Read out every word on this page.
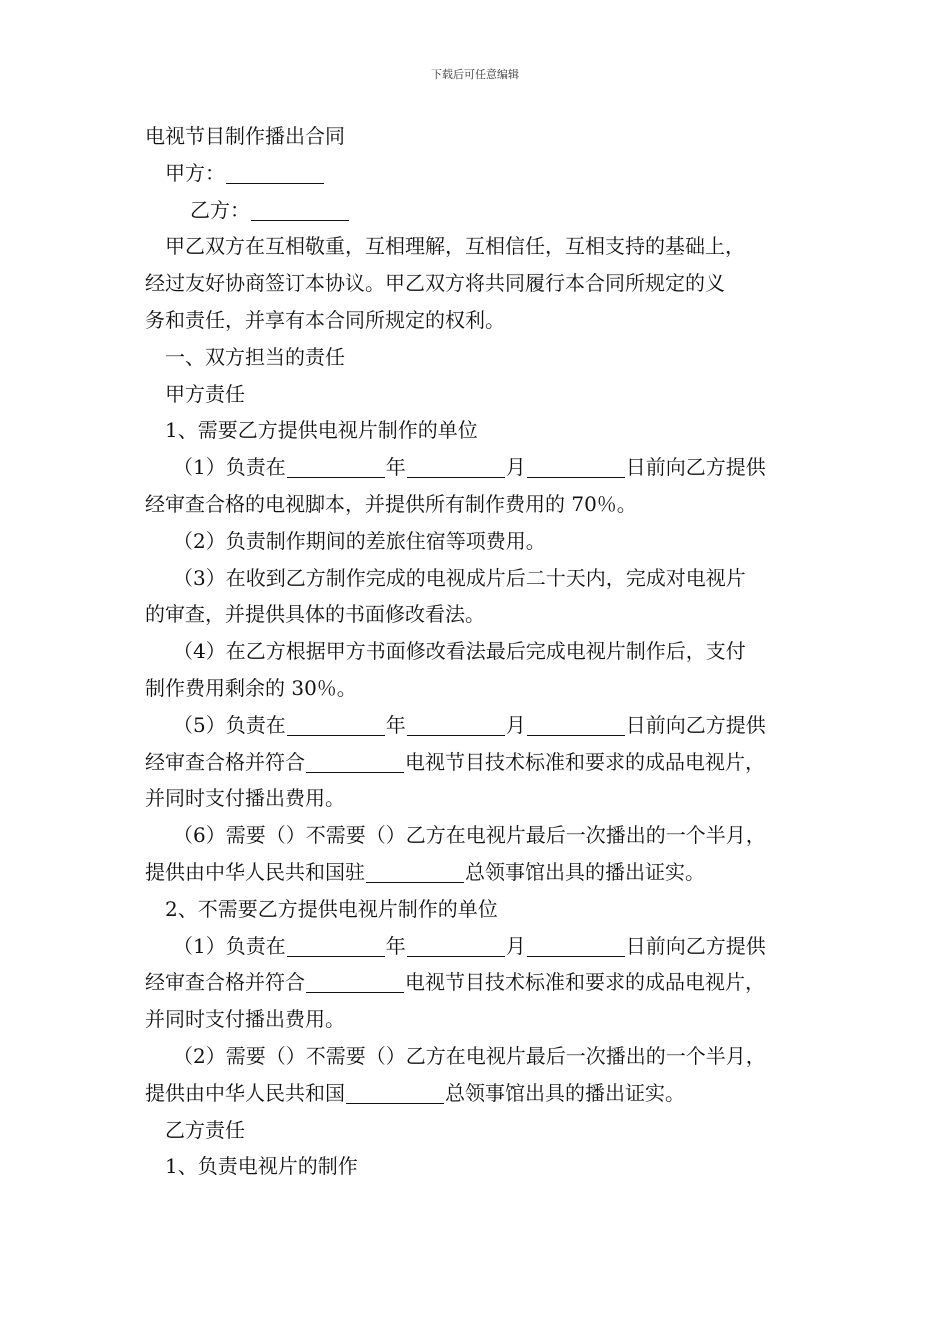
下载后可任意编辑
电视节目制作播出合同
甲方：
乙方：
甲乙双方在互相敬重，互相理解，互相信任，互相支持的基础上，
经过友好协商签订本协议。甲乙双方将共同履行本合同所规定的义
务和责任，并享有本合同所规定的权利。
一、双方担当的责任
甲方责任
1、需要乙方提供电视片制作的单位
（1）负责在	年	月	日前向乙方提供
经审查合格的电视脚本，并提供所有制作费用的 70％。
（2）负责制作期间的差旅住宿等项费用。
（3）在收到乙方制作完成的电视成片后二十天内，完成对电视片
的审查，并提供具体的书面修改看法。
（4）在乙方根据甲方书面修改看法最后完成电视片制作后，支付
制作费用剩余的 30％。
（5）负责在	年	月	日前向乙方提供
经审查合格并符合	电视节目技术标准和要求的成品电视片，
并同时支付播出费用。
（6）需要（）不需要（）乙方在电视片最后一次播出的一个半月，
提供由中华人民共和国驻	总领事馆出具的播出证实。
2、不需要乙方提供电视片制作的单位
（1）负责在	年	月	日前向乙方提供
经审查合格并符合	电视节目技术标准和要求的成品电视片，
并同时支付播出费用。
（2）需要（）不需要（）乙方在电视片最后一次播出的一个半月，
提供由中华人民共和国	总领事馆出具的播出证实。
乙方责任
1、负责电视片的制作
